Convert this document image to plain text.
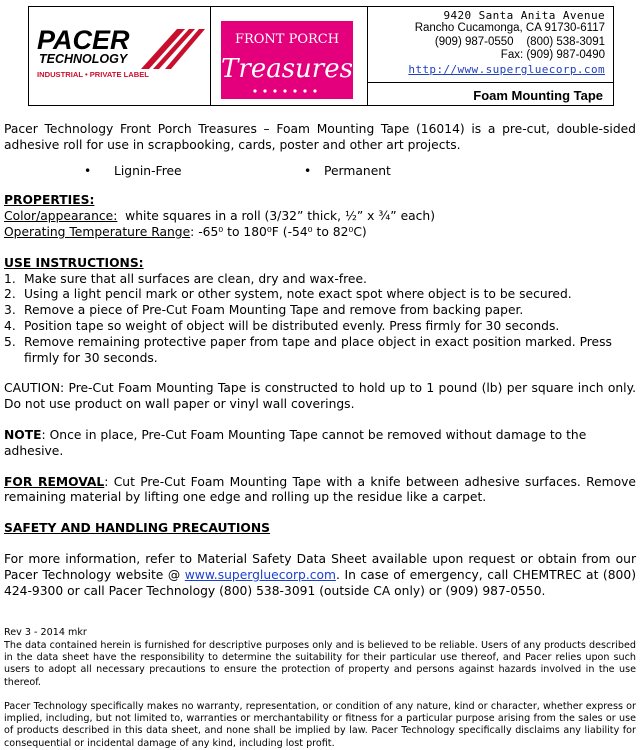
PACER
TECHNOLOGY
INDUSTRIAL • PRIVATE LABEL
FRONT PORCH
Treasures
9420 Santa Anita Avenue
Rancho Cucamonga, CA 91730-6117
(909) 987-0550    (800) 538-3091
Fax: (909) 987-0490
http://www.supergluecorp.com
Foam Mounting Tape

Pacer Technology Front Porch Treasures – Foam Mounting Tape (16014) is a pre-cut, double-sided adhesive roll for use in scrapbooking, cards, poster and other art projects.

•	Lignin-Free	•	Permanent

PROPERTIES:

Color/appearance:  white squares in a roll (3/32” thick, ½” x ¾” each)

Operating Temperature Range: -65⁰ to 180⁰F (-54⁰ to 82⁰C)

USE INSTRUCTIONS:

1. Make sure that all surfaces are clean, dry and wax-free.
2. Using a light pencil mark or other system, note exact spot where object is to be secured.
3. Remove a piece of Pre-Cut Foam Mounting Tape and remove from backing paper.
4. Position tape so weight of object will be distributed evenly. Press firmly for 30 seconds.
5. Remove remaining protective paper from tape and place object in exact position marked. Press firmly for 30 seconds.

CAUTION: Pre-Cut Foam Mounting Tape is constructed to hold up to 1 pound (lb) per square inch only. Do not use product on wall paper or vinyl wall coverings.

NOTE: Once in place, Pre-Cut Foam Mounting Tape cannot be removed without damage to the adhesive.

FOR REMOVAL: Cut Pre-Cut Foam Mounting Tape with a knife between adhesive surfaces. Remove remaining material by lifting one edge and rolling up the residue like a carpet.

SAFETY AND HANDLING PRECAUTIONS

For more information, refer to Material Safety Data Sheet available upon request or obtain from our Pacer Technology website @ www.supergluecorp.com. In case of emergency, call CHEMTREC at (800) 424-9300 or call Pacer Technology (800) 538-3091 (outside CA only) or (909) 987-0550.

Rev 3 - 2014 mkr

The data contained herein is furnished for descriptive purposes only and is believed to be reliable. Users of any products described in the data sheet have the responsibility to determine the suitability for their particular use thereof, and Pacer relies upon such users to adopt all necessary precautions to ensure the protection of property and persons against hazards involved in the use thereof.

Pacer Technology specifically makes no warranty, representation, or condition of any nature, kind or character, whether express or implied, including, but not limited to, warranties or merchantability or fitness for a particular purpose arising from the sales or use of products described in this data sheet, and none shall be implied by law. Pacer Technology specifically disclaims any liability for consequential or incidental damage of any kind, including lost profit.
